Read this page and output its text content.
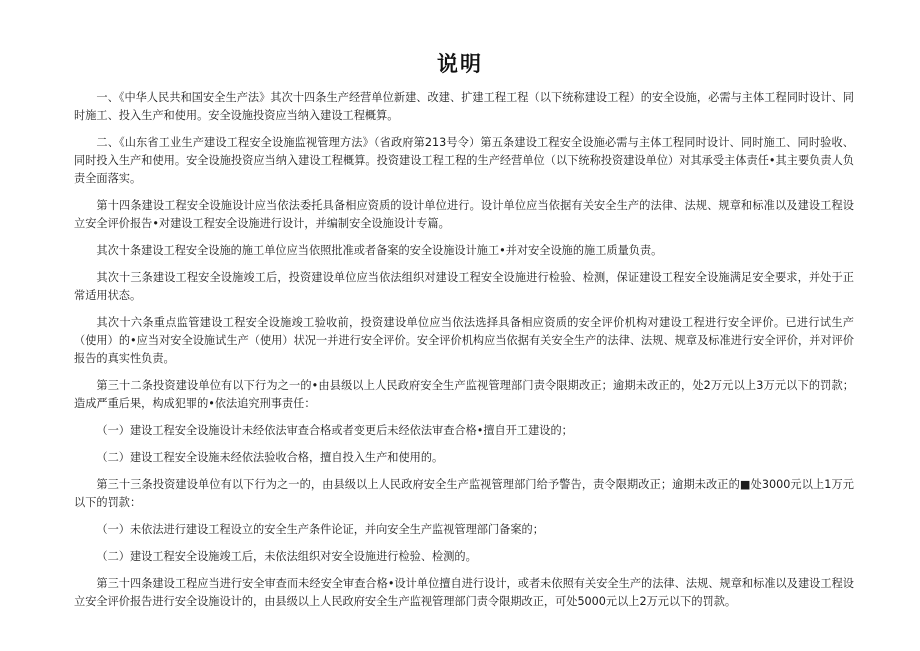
说明

一、《中华人民共和国安全生产法》其次十四条生产经营单位新建、改建、扩建工程工程（以下统称建设工程）的安全设施，必需与主体工程同时设计、同时施工、投入生产和使用。安全设施投资应当纳入建设工程概算。

二、《山东省工业生产建设工程安全设施监视管理方法》（省政府第213号令）第五条建设工程安全设施必需与主体工程同时设计、同时施工、同时验收、同时投入生产和使用。安全设施投资应当纳入建设工程概算。投资建设工程工程的生产经营单位（以下统称投资建设单位）对其承受主体责任•其主要负责人负责全面落实。

第十四条建设工程安全设施设计应当依法委托具备相应资质的设计单位进行。设计单位应当依据有关安全生产的法律、法规、规章和标准以及建设工程设立安全评价报告•对建设工程安全设施进行设计，并编制安全设施设计专篇。

其次十条建设工程安全设施的施工单位应当依照批准或者备案的安全设施设计施工•并对安全设施的施工质量负责。

其次十三条建设工程安全设施竣工后，投资建设单位应当依法组织对建设工程安全设施进行检验、检测，保证建设工程安全设施满足安全要求，并处于正常适用状态。

其次十六条重点监管建设工程安全设施竣工验收前，投资建设单位应当依法选择具备相应资质的安全评价机构对建设工程进行安全评价。已进行试生产（使用）的•应当对安全设施试生产（使用）状况一并进行安全评价。安全评价机构应当依据有关安全生产的法律、法规、规章及标准进行安全评价，并对评价报告的真实性负责。

第三十二条投资建设单位有以下行为之一的•由县级以上人民政府安全生产监视管理部门责令限期改正；逾期未改正的，处2万元以上3万元以下的罚款；造成严重后果，构成犯罪的•依法追究刑事责任：

（一）建设工程安全设施设计未经依法审查合格或者变更后未经依法审查合格•擅自开工建设的；

（二）建设工程安全设施未经依法验收合格，擅自投入生产和使用的。

第三十三条投资建设单位有以下行为之一的，由县级以上人民政府安全生产监视管理部门给予警告，责令限期改正；逾期未改正的■处3000元以上1万元以下的罚款：

（一）未依法进行建设工程设立的安全生产条件论证，并向安全生产监视管理部门备案的；

（二）建设工程安全设施竣工后，未依法组织对安全设施进行检验、检测的。

第三十四条建设工程应当进行安全审查而未经安全审查合格•设计单位擅自进行设计，或者未依照有关安全生产的法律、法规、规章和标准以及建设工程设立安全评价报告进行安全设施设计的，由县级以上人民政府安全生产监视管理部门责令限期改正，可处5000元以上2万元以下的罚款。
